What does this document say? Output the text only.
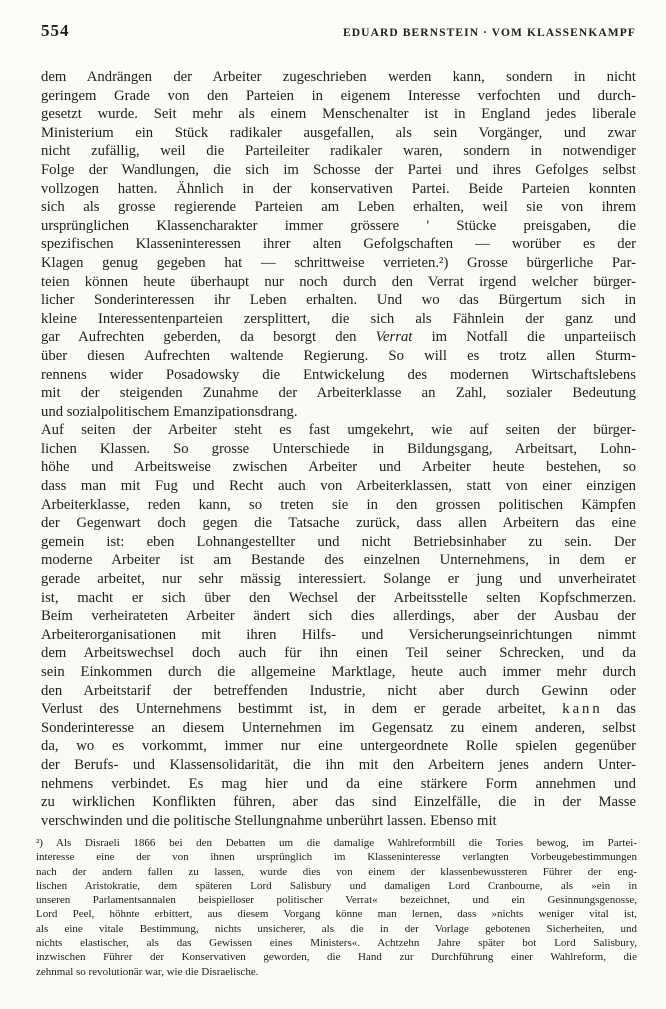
554	EDUARD BERNSTEIN · VOM KLASSENKAMPF
dem Andrängen der Arbeiter zugeschrieben werden kann, sondern in nicht
geringem Grade von den Parteien in eigenem Interesse verfochten und durch-
gesetzt wurde. Seit mehr als einem Menschenalter ist in England jedes liberale
Ministerium ein Stück radikaler ausgefallen, als sein Vorgänger, und zwar
nicht zufällig, weil die Parteileiter radikaler waren, sondern in notwendiger
Folge der Wandlungen, die sich im Schosse der Partei und ihres Gefolges selbst
vollzogen hatten. Ähnlich in der konservativen Partei. Beide Parteien konnten
sich als grosse regierende Parteien am Leben erhalten, weil sie von ihrem
ursprünglichen Klassencharakter immer grössere ' Stücke preisgaben, die
spezifischen Klasseninteressen ihrer alten Gefolgschaften — worüber es der
Klagen genug gegeben hat — schrittweise verrieten.²) Grosse bürgerliche Par-
teien können heute überhaupt nur noch durch den Verrat irgend welcher bürger-
licher Sonderinteressen ihr Leben erhalten. Und wo das Bürgertum sich in
kleine Interessentenparteien zersplittert, die sich als Fähnlein der ganz und
gar Aufrechten geberden, da besorgt den Verrat im Notfall die unparteiisch
über diesen Aufrechten waltende Regierung. So will es trotz allen Sturm-
rennens wider Posadowsky die Entwickelung des modernen Wirtschaftslebens
mit der steigenden Zunahme der Arbeiterklasse an Zahl, sozialer Bedeutung
und sozialpolitischem Emanzipationsdrang.
Auf seiten der Arbeiter steht es fast umgekehrt, wie auf seiten der bürger-
lichen Klassen. So grosse Unterschiede in Bildungsgang, Arbeitsart, Lohn-
höhe und Arbeitsweise zwischen Arbeiter und Arbeiter heute bestehen, so
dass man mit Fug und Recht auch von Arbeiterklassen, statt von einer einzigen
Arbeiterklasse, reden kann, so treten sie in den grossen politischen Kämpfen
der Gegenwart doch gegen die Tatsache zurück, dass allen Arbeitern das eine
gemein ist: eben Lohnangestellter und nicht Betriebsinhaber zu sein. Der
moderne Arbeiter ist am Bestande des einzelnen Unternehmens, in dem er
gerade arbeitet, nur sehr mässig interessiert. Solange er jung und unverheiratet
ist, macht er sich über den Wechsel der Arbeitsstelle selten Kopfschmerzen.
Beim verheirateten Arbeiter ändert sich dies allerdings, aber der Ausbau der
Arbeiterorganisationen mit ihren Hilfs- und Versicherungseinrichtungen nimmt
dem Arbeitswechsel doch auch für ihn einen Teil seiner Schrecken, und da
sein Einkommen durch die allgemeine Marktlage, heute auch immer mehr durch
den Arbeitstarif der betreffenden Industrie, nicht aber durch Gewinn oder
Verlust des Unternehmens bestimmt ist, in dem er gerade arbeitet, k a n n das
Sonderinteresse an diesem Unternehmen im Gegensatz zu einem anderen, selbst
da, wo es vorkommt, immer nur eine untergeordnete Rolle spielen gegenüber
der Berufs- und Klassensolidarität, die ihn mit den Arbeitern jenes andern Unter-
nehmens verbindet. Es mag hier und da eine stärkere Form annehmen und
zu wirklichen Konflikten führen, aber das sind Einzelfälle, die in der Masse
verschwinden und die politische Stellungnahme unberührt lassen. Ebenso mit
²) Als Disraeli 1866 bei den Debatten um die damalige Wahlreformbill die Tories bewog, im Partei-
interesse eine der von ihnen ursprünglich im Klasseninteresse verlangten Vorbeugebestimmungen
nach der andern fallen zu lassen, wurde dies von einem der klassenbewussteren Führer der eng-
lischen Aristokratie, dem späteren Lord Salisbury und damaligen Lord Cranbourne, als »ein in
unseren Parlamentsannalen beispielloser politischer Verrat« bezeichnet, und ein Gesinnungsgenosse,
Lord Peel, höhnte erbittert, aus diesem Vorgang könne man lernen, dass »nichts weniger vital ist,
als eine vitale Bestimmung, nichts unsicherer, als die in der Vorlage gebotenen Sicherheiten, und
nichts elastischer, als das Gewissen eines Ministers«. Achtzehn Jahre später bot Lord Salisbury,
inzwischen Führer der Konservativen geworden, die Hand zur Durchführung einer Wahlreform, die
zehnmal so revolutionär war, wie die Disraelische.
